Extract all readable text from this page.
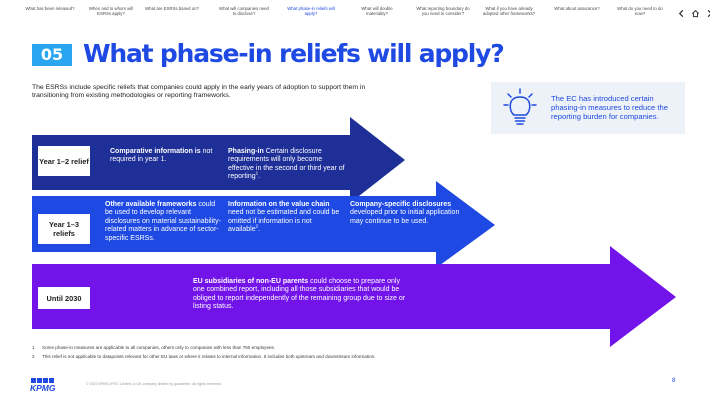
What has been released?	When and to whom will ESRSs apply?
What are ESRSs based on?	What will companies need to disclose?
What phase-in reliefs will apply?
What will double materiality?
What reporting boundary do you need to consider?
What if you have already adopted other frameworks?
What about assurance?	What do you need to do now?
05 What phase-in reliefs will apply?
The ESRSs include specific reliefs that companies could apply in the early years of adoption to support them in transitioning from existing methodologies or reporting frameworks.	The EC has introduced certain phasing-in measures to reduce the reporting burden for companies.
Year 1–2 relief
Year 1–3 reliefs
Until 2030
Comparative information is not required in year 1.
Phasing-in Certain disclosure requirements will only become effective in the second or third year of reporting$^1$.
Other available frameworks could be used to develop relevant disclosures on material sustainability-related matters in advance of sector-specific ESRSs.
Information on the value chain need not be estimated and could be omitted if information is not available$^2$.
Company-specific disclosures developed prior to initial application may continue to be used.
EU subsidiaries of non-EU parents could choose to prepare only one combined report, including all those subsidiaries that would be obliged to report independently of the remaining group due to size or listing status.
1 Some phase-in measures are applicable to all companies, others only to companies with less than 750 employees.
2 This relief is not applicable to datapoints relevant for other EU laws or where it relates to internal information. It includes both upstream and downstream information.
KPMG	© 2023 KPMG IFRG Limited, a UK company limited by guarantee. All rights reserved.	8
